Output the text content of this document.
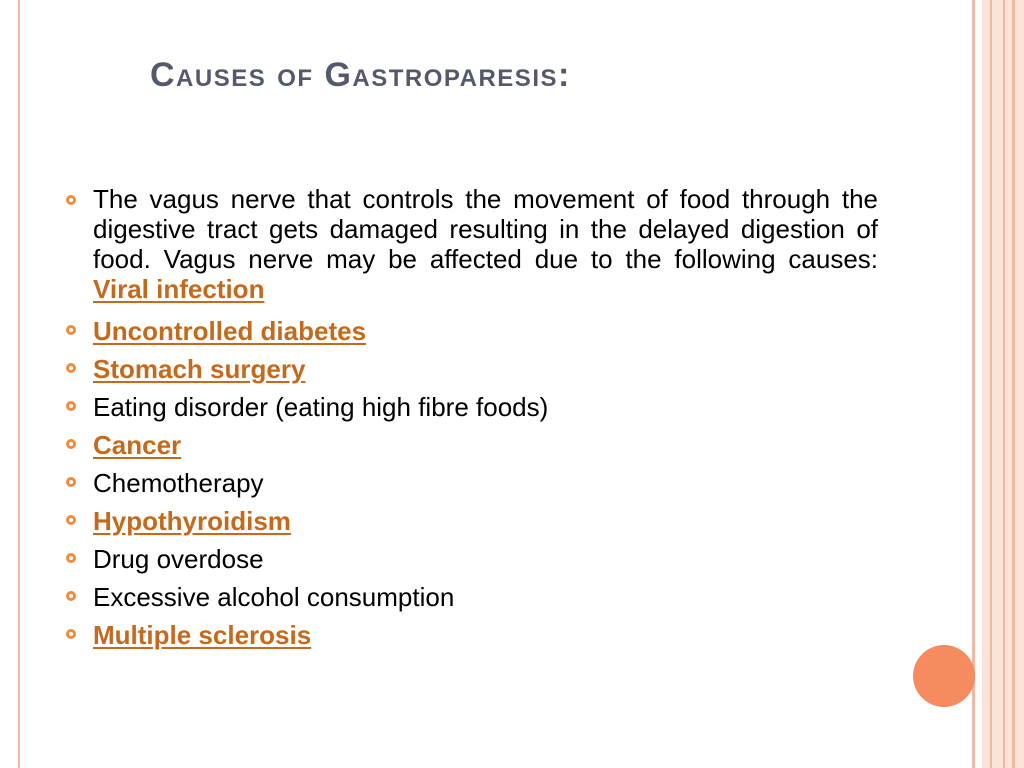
Causes of Gastroparesis:
The vagus nerve that controls the movement of food through the digestive tract gets damaged resulting in the delayed digestion of food. Vagus nerve may be affected due to the following causes:
Viral infection
Uncontrolled diabetes
Stomach surgery
Eating disorder (eating high fibre foods)
Cancer
Chemotherapy
Hypothyroidism
Drug overdose
Excessive alcohol consumption
Multiple sclerosis
